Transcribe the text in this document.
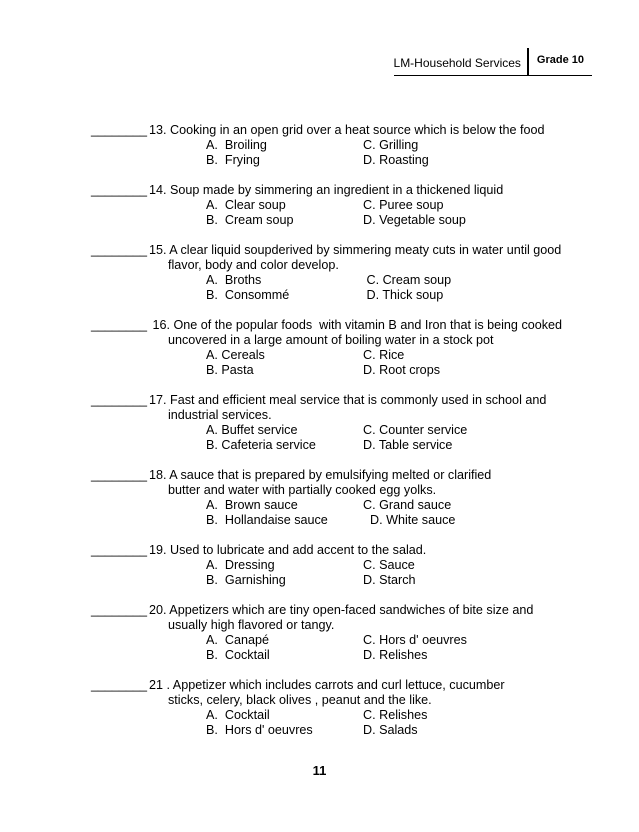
LM-Household Services	Grade 10
________ 13. Cooking in an open grid over a heat source which is below the food
A.  Broiling	C. Grilling
B.  Frying	D. Roasting
________ 14. Soup made by simmering an ingredient in a thickened liquid
A.  Clear soup	C. Puree soup
B.  Cream soup	D. Vegetable soup
________ 15. A clear liquid soupderived by simmering meaty cuts in water until good
flavor, body and color develop.
A.  Broths	C. Cream soup
B.  Consommé	D. Thick soup
________ 16. One of the popular foods  with vitamin B and Iron that is being cooked
uncovered in a large amount of boiling water in a stock pot
A. Cereals	C. Rice
B. Pasta	D. Root crops
________ 17. Fast and efficient meal service that is commonly used in school and
industrial services.
A. Buffet service	C. Counter service
B. Cafeteria service	D. Table service
________ 18. A sauce that is prepared by emulsifying melted or clarified
butter and water with partially cooked egg yolks.
A.  Brown sauce	C. Grand sauce
B.  Hollandaise sauce	D. White sauce
________ 19. Used to lubricate and add accent to the salad.
A.  Dressing	C. Sauce
B.  Garnishing	D. Starch
________ 20. Appetizers which are tiny open-faced sandwiches of bite size and
usually high flavored or tangy.
A.  Canapé	C. Hors d' oeuvres
B.  Cocktail	D. Relishes
________ 21 . Appetizer which includes carrots and curl lettuce, cucumber
sticks, celery, black olives , peanut and the like.
A.  Cocktail	C. Relishes
B.  Hors d' oeuvres	D. Salads
11
